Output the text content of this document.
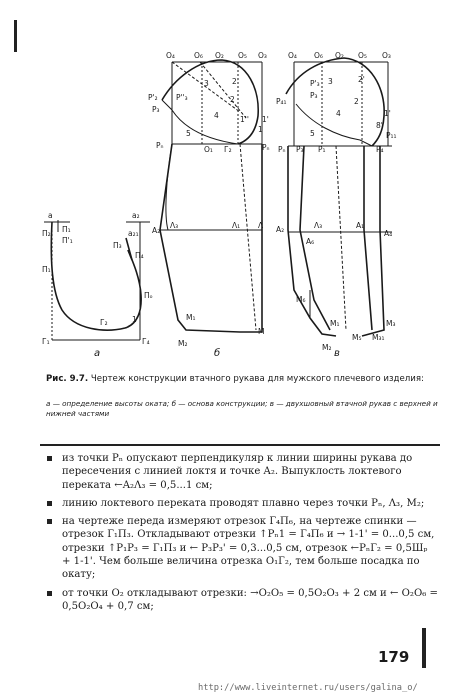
а	а₂
П₂ П₁
П'₁
а₂₁
П₃
П₄
Π₁
Пₒ
Г₂
Г₁	Г₄
1
O₄	O₆ O₂ O₅ O₃
3	2'
2
P'₂ P''₃
P₃
4	1'
1''
1
5
Pₙ	O₁ Г₂	Pₙ
A₂
Λ₃	Λ₁ Λ
M₁
M
M₂
O₄ O₆ O₂ O₅ O₃
P'₃
P₄₁
P₃
3	2'
2
4	1'
8'
P₁₁
P₄
5
P₃ P₁
Pₙ
A₂	Λ₃	A₁
A₄
A₆
M₆
M₃
M₂
M₅ M₃₁
M₁
а	б	в
Рис. 9.7. Чертеж конструкции втачного рукава для мужского плечевого изделия:
а — определение высоты оката; б — основа конструкции; в — двухшовный втачной рукав с верхней и нижней частями
из точки Pₙ опускают перпендикуляр к линии ширины рукава до пересечения с линией локтя и точке A₂. Выпуклость локтевого переката ←A₂Λ₃ = 0,5...1 см;
линию локтевого переката проводят плавно через точки Pₙ, Λ₃, M₂;
на чертеже переда измеряют отрезок Г₄П₆, на чертеже спинки — отрезок Г₁П₃. Откладывают отрезки ↑Pₙ1 = Г₄П₆ и → 1-1' = 0...0,5 см, отрезки ↑P₁P₃ = Г₁П₃ и ← P₃P₃' = 0,3...0,5 см, отрезок ←PₙГ₂ = 0,5Шₚ + 1-1'. Чем больше величина отрезка O₁Г₂, тем больше посадка по окату;
от точки O₂ откладывают отрезки: →O₂O₅ = 0,5O₂O₃ + 2 см и ← O₂O₆ = 0,5O₂O₄ + 0,7 см;
179
http://www.liveinternet.ru/users/galina_o/
